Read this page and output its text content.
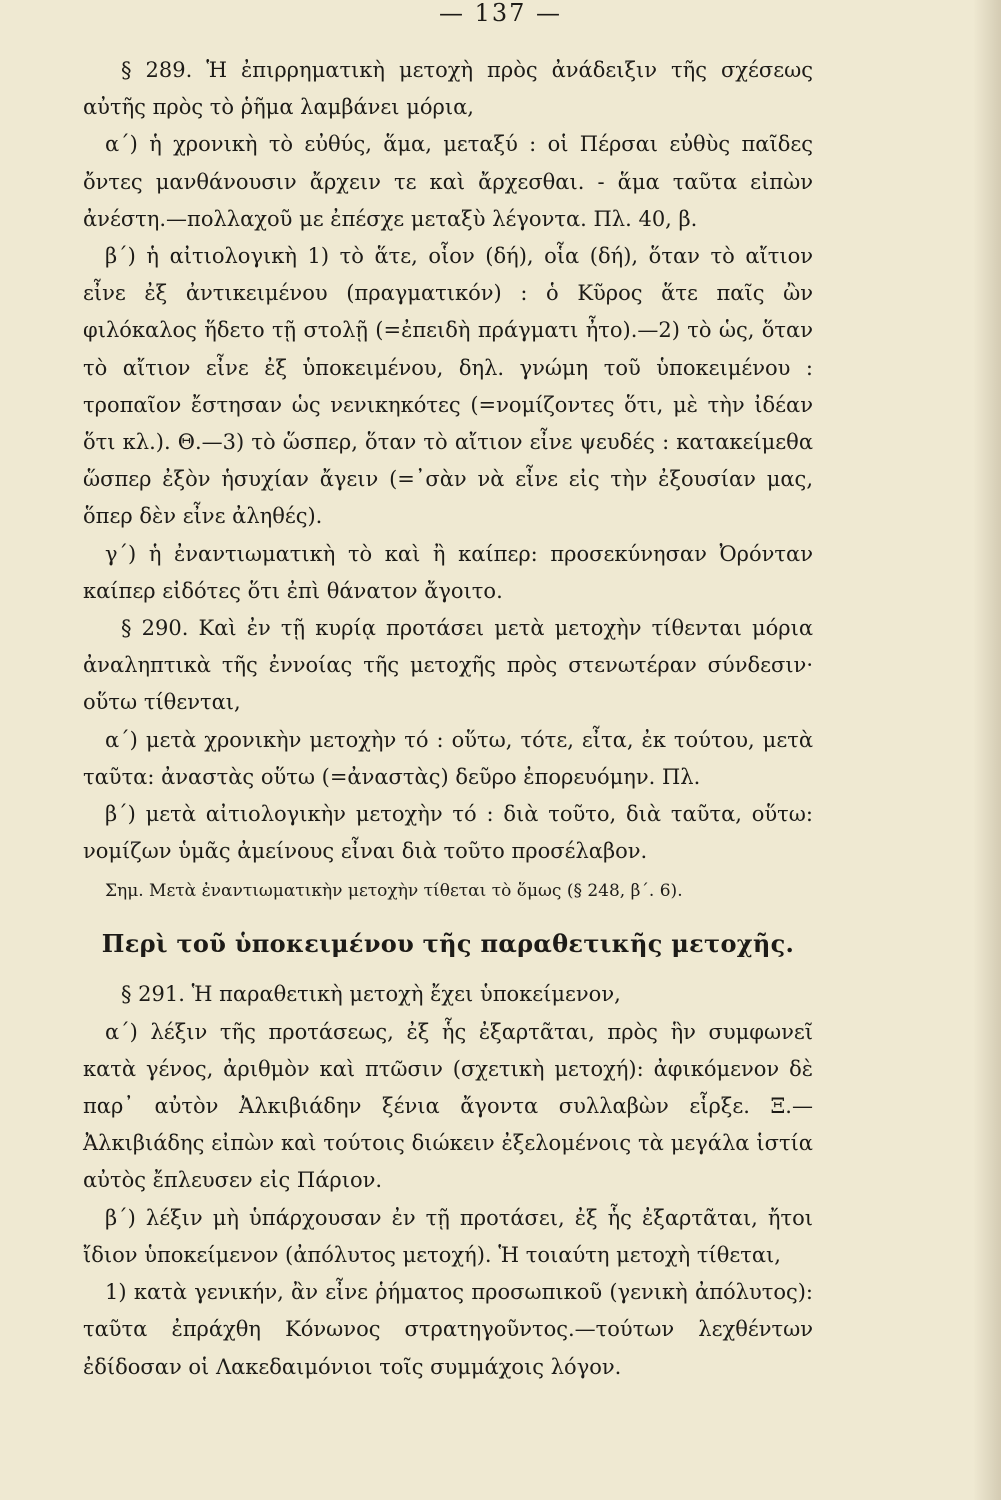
— 137 —

§ 289. Ἡ ἐπιρρηματικὴ μετοχὴ πρὸς ἀνάδειξιν τῆς σχέσεως αὐτῆς πρὸς τὸ ῥῆμα λαμβάνει μόρια,

α΄) ἡ χρονικὴ τὸ εὐθύς, ἅμα, μεταξύ : οἱ Πέρσαι εὐθὺς παῖδες ὄντες μανθάνουσιν ἄρχειν τε καὶ ἄρχεσθαι. - ἅμα ταῦτα εἰπὼν ἀνέστη.—πολλαχοῦ με ἐπέσχε μεταξὺ λέγοντα. Πλ. 40, β.

β΄) ἡ αἰτιολογικὴ 1) τὸ ἅτε, οἷον (δή), οἷα (δή), ὅταν τὸ αἴτιον εἶνε ἐξ ἀντικειμένου (πραγματικόν) : ὁ Κῦρος ἅτε παῖς ὢν φιλόκαλος ἥδετο τῇ στολῇ (=ἐπειδὴ πράγματι ἦτο).—2) τὸ ὡς, ὅταν τὸ αἴτιον εἶνε ἐξ ὑποκειμένου, δηλ. γνώμη τοῦ ὑποκειμένου : τροπαῖον ἔστησαν ὡς νενικηκότες (=νομίζοντες ὅτι, μὲ τὴν ἰδέαν ὅτι κλ.). Θ.—3) τὸ ὥσπερ, ὅταν τὸ αἴτιον εἶνε ψευδές : κατακείμεθα ὥσπερ ἐξὸν ἡσυχίαν ἄγειν (=᾽σὰν νὰ εἶνε εἰς τὴν ἐξουσίαν μας, ὅπερ δὲν εἶνε ἀληθές).

γ΄) ἡ ἐναντιωματικὴ τὸ καὶ ἢ καίπερ: προσεκύνησαν Ὀρόνταν καίπερ εἰδότες ὅτι ἐπὶ θάνατον ἄγοιτο.

§ 290. Καὶ ἐν τῇ κυρίᾳ προτάσει μετὰ μετοχὴν τίθενται μόρια ἀναληπτικὰ τῆς ἐννοίας τῆς μετοχῆς πρὸς στενωτέραν σύνδεσιν· οὕτω τίθενται,

α΄) μετὰ χρονικὴν μετοχὴν τό : οὕτω, τότε, εἶτα, ἐκ τούτου, μετὰ ταῦτα: ἀναστὰς οὕτω (=ἀναστὰς) δεῦρο ἐπορευόμην. Πλ.

β΄) μετὰ αἰτιολογικὴν μετοχὴν τό : διὰ τοῦτο, διὰ ταῦτα, οὕτω: νομίζων ὑμᾶς ἀμείνους εἶναι διὰ τοῦτο προσέλαβον.

Σημ. Μετὰ ἐναντιωματικὴν μετοχὴν τίθεται τὸ ὅμως (§ 248, β΄. 6).

Περὶ τοῦ ὑποκειμένου τῆς παραθετικῆς μετοχῆς.

§ 291. Ἡ παραθετικὴ μετοχὴ ἔχει ὑποκείμενον,

α΄) λέξιν τῆς προτάσεως, ἐξ ἧς ἐξαρτᾶται, πρὸς ἣν συμφωνεῖ κατὰ γένος, ἀριθμὸν καὶ πτῶσιν (σχετικὴ μετοχή): ἀφικόμενον δὲ παρ᾽ αὐτὸν Ἀλκιβιάδην ξένια ἄγοντα συλλαβὼν εἷρξε. Ξ.—Ἀλκιβιάδης εἰπὼν καὶ τούτοις διώκειν ἐξελομένοις τὰ μεγάλα ἱστία αὐτὸς ἔπλευσεν εἰς Πάριον.

β΄) λέξιν μὴ ὑπάρχουσαν ἐν τῇ προτάσει, ἐξ ἧς ἐξαρτᾶται, ἤτοι ἴδιον ὑποκείμενον (ἀπόλυτος μετοχή). Ἡ τοιαύτη μετοχὴ τίθεται,

1) κατὰ γενικήν, ἂν εἶνε ῥήματος προσωπικοῦ (γενικὴ ἀπόλυτος): ταῦτα ἐπράχθη Κόνωνος στρατηγοῦντος.—τούτων λεχθέντων ἐδίδοσαν οἱ Λακεδαιμόνιοι τοῖς συμμάχοις λόγον.
